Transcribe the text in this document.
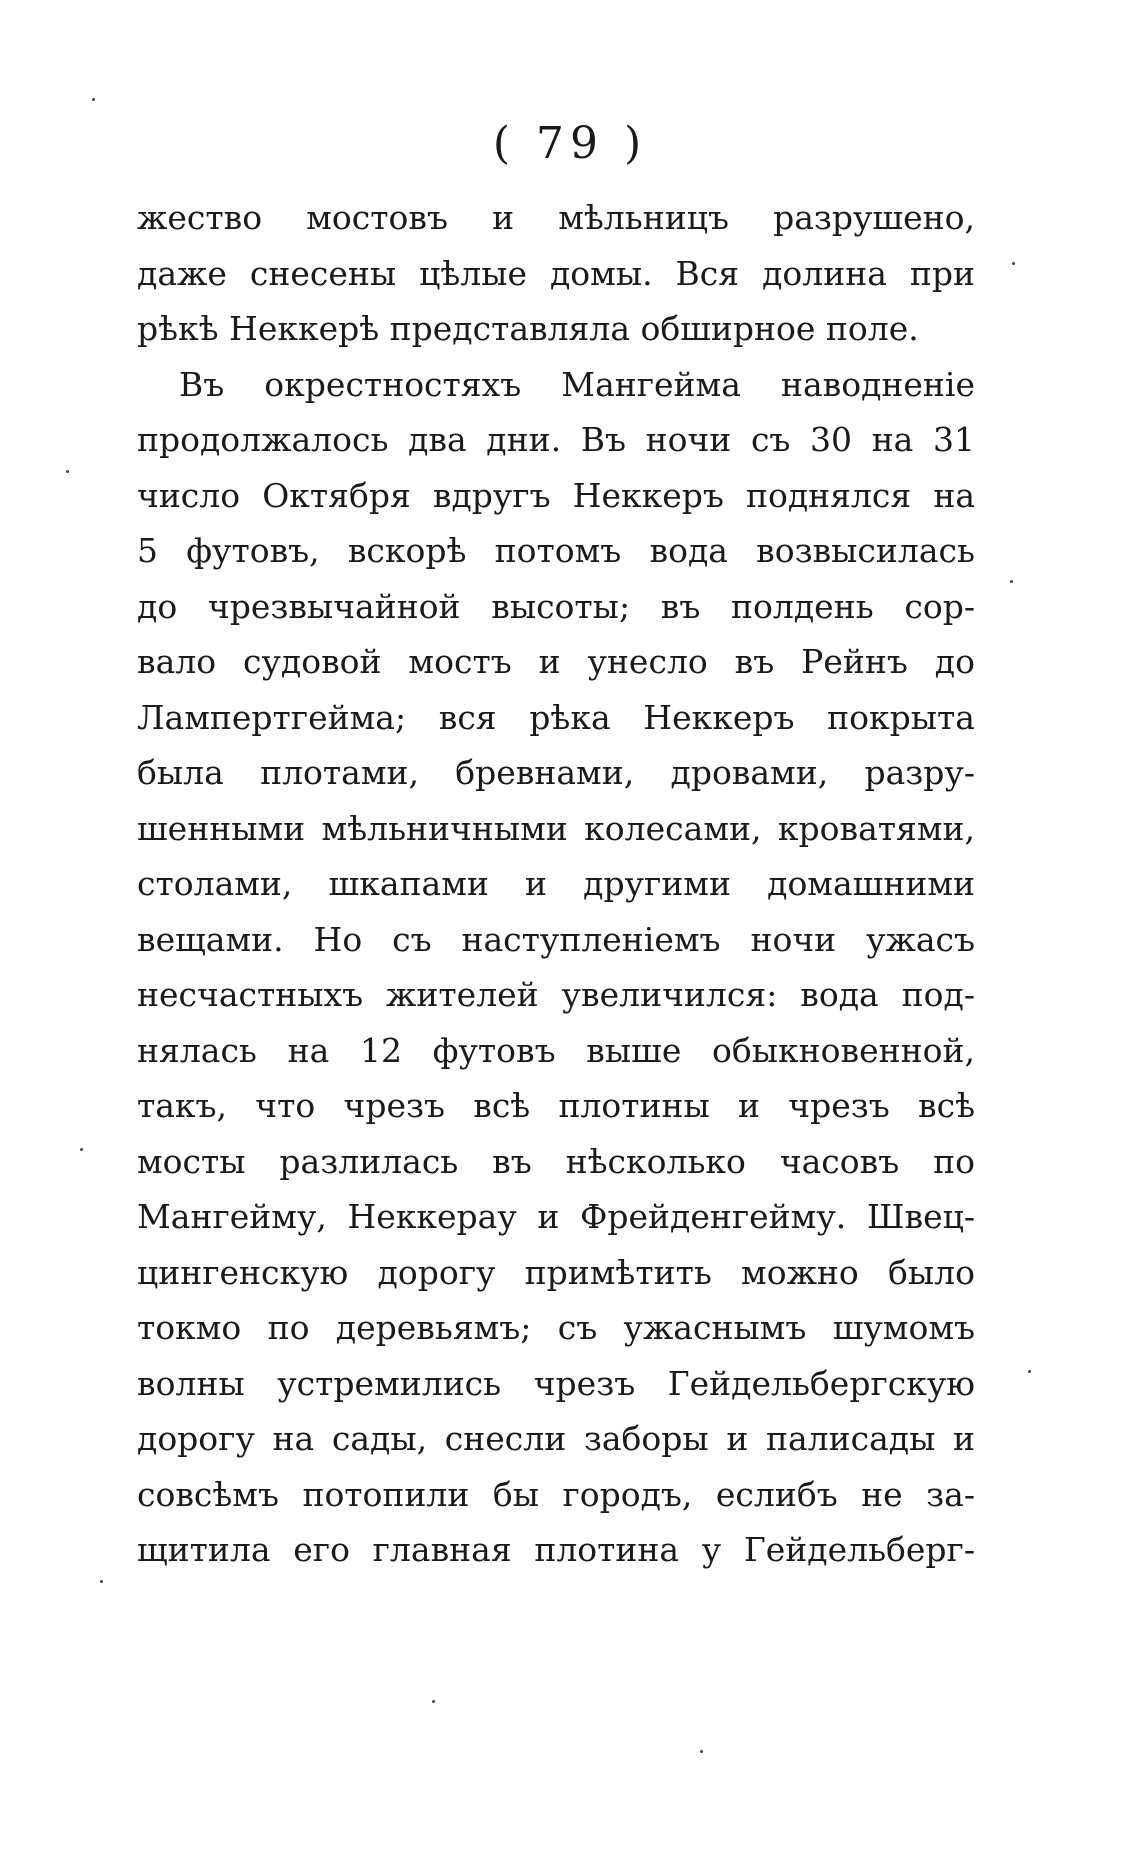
( 79 )
жество мостовъ и мѣльницъ разрушено,
даже снесены цѣлые домы. Вся долина при
рѣкѣ Неккерѣ представляла обширное поле.
Въ окрестностяхъ Мангейма наводненіе
продолжалось два дни. Въ ночи съ 30 на 31
число Октября вдругъ Неккеръ поднялся на
5 футовъ, вскорѣ потомъ вода возвысилась
до чрезвычайной высоты; въ полдень сор-
вало судовой мостъ и унесло въ Рейнъ до
Лампертгейма; вся рѣка Неккеръ покрыта
была плотами, бревнами, дровами, разру-
шенными мѣльничными колесами, кроватями,
столами, шкапами и другими домашними
вещами. Но съ наступленіемъ ночи ужасъ
несчастныхъ жителей увеличился: вода под-
нялась на 12 футовъ выше обыкновенной,
такъ, что чрезъ всѣ плотины и чрезъ всѣ
мосты разлилась въ нѣсколько часовъ по
Мангейму, Неккерау и Фрейденгейму. Швец-
цингенскую дорогу примѣтить можно было
токмо по деревьямъ; съ ужаснымъ шумомъ
волны устремились чрезъ Гейдельбергскую
дорогу на сады, снесли заборы и палисады и
совсѣмъ потопили бы городъ, еслибъ не за-
щитила его главная плотина у Гейдельберг-
